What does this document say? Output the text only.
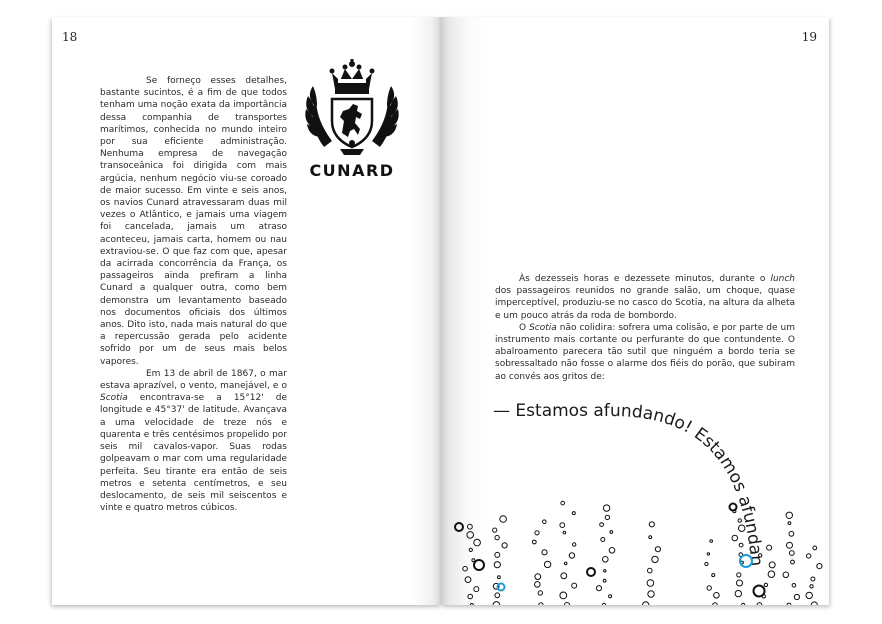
18

Se forneço esses detalhes, bastante sucintos, é a fim de que todos tenham uma noção exata da importância dessa companhia de transportes marítimos, conhecida no mundo inteiro por sua eficiente administração. Nenhuma empresa de navegação transoceânica foi dirigida com mais argúcia, nenhum negócio viu-se coroado de maior sucesso. Em vinte e seis anos, os navios Cunard atravessaram duas mil vezes o Atlântico, e jamais uma viagem foi cancelada, jamais um atraso aconteceu, jamais carta, homem ou nau extraviou-se. O que faz com que, apesar da acirrada concorrência da França, os passageiros ainda prefiram a linha Cunard a qualquer outra, como bem demonstra um levantamento baseado nos documentos oficiais dos últimos anos. Dito isto, nada mais natural do que a repercussão gerada pelo acidente sofrido por um de seus mais belos vapores.

Em 13 de abril de 1867, o mar estava aprazível, o vento, manejável, e o Scotia encontrava-se a 15°12' de longitude e 45°37' de latitude. Avançava a uma velocidade de treze nós e quarenta e três centésimos propelido por seis mil cavalos-vapor. Suas rodas golpeavam o mar com uma regularidade perfeita. Seu tirante era então de seis metros e setenta centímetros, e seu deslocamento, de seis mil seiscentos e vinte e quatro metros cúbicos.

CUNARD
19

Às dezesseis horas e dezessete minutos, durante o lunch dos passageiros reunidos no grande salão, um choque, quase imperceptível, produziu-se no casco do Scotia, na altura da alheta e um pouco atrás da roda de bombordo.

O Scotia não colidira: sofrera uma colisão, e por parte de um instrumento mais cortante ou perfurante do que contundente. O abalroamento parecera tão sutil que ninguém a bordo teria se sobressaltado não fosse o alarme dos fiéis do porão, que subiram ao convés aos gritos de:

— Estamos afundando! Estamos afundando!
